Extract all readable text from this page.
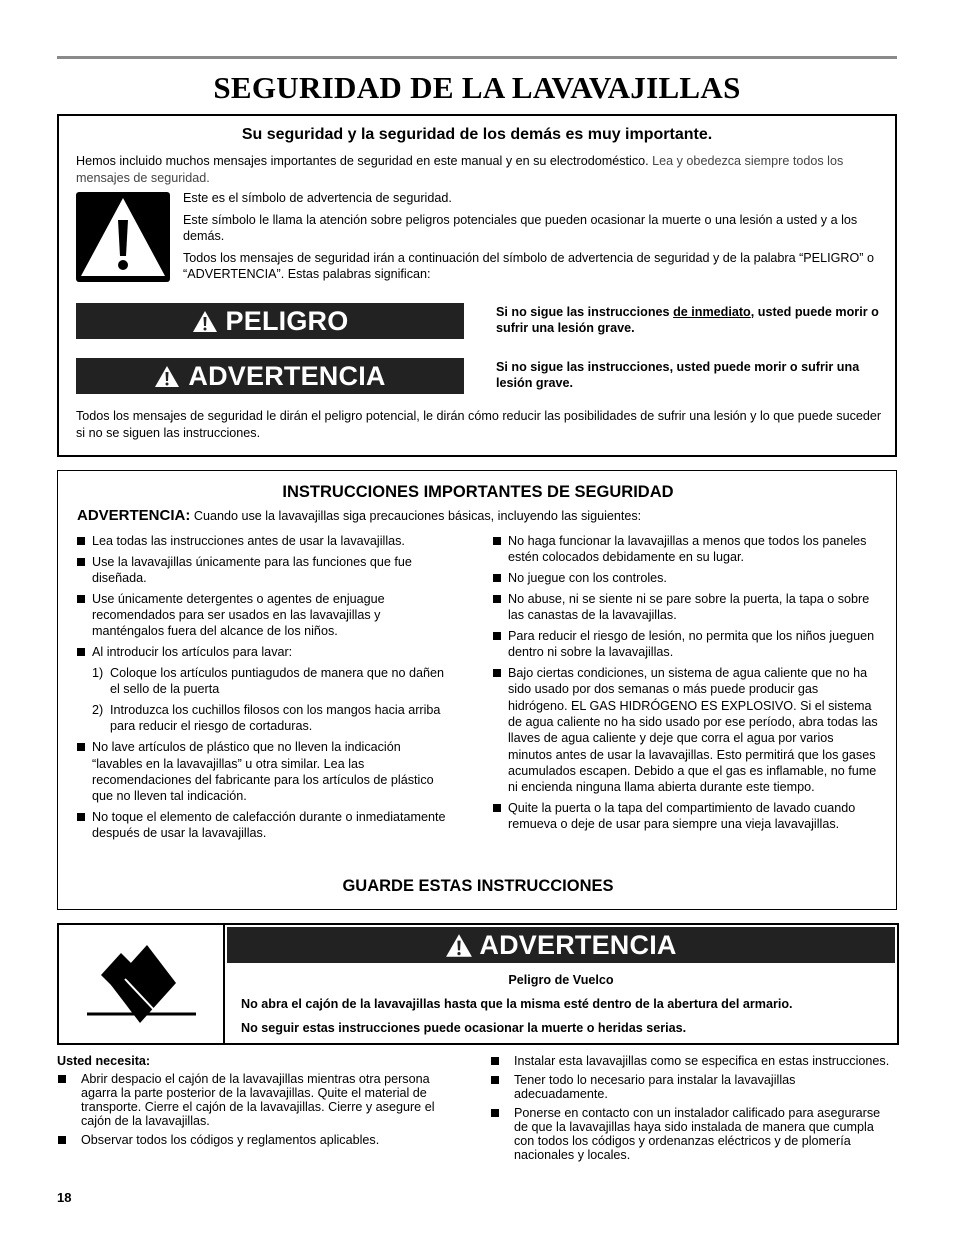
SEGURIDAD DE LA LAVAVAJILLAS
Su seguridad y la seguridad de los demás es muy importante.
Hemos incluido muchos mensajes importantes de seguridad en este manual y en su electrodoméstico. Lea y obedezca siempre todos los mensajes de seguridad.
Este es el símbolo de advertencia de seguridad.
Este símbolo le llama la atención sobre peligros potenciales que pueden ocasionar la muerte o una lesión a usted y a los demás.
Todos los mensajes de seguridad irán a continuación del símbolo de advertencia de seguridad y de la palabra “PELIGRO” o “ADVERTENCIA”. Estas palabras significan:
PELIGRO	Si no sigue las instrucciones de inmediato, usted puede morir o sufrir una lesión grave.
ADVERTENCIA	Si no sigue las instrucciones, usted puede morir o sufrir una lesión grave.
Todos los mensajes de seguridad le dirán el peligro potencial, le dirán cómo reducir las posibilidades de sufrir una lesión y lo que puede suceder si no se siguen las instrucciones.
INSTRUCCIONES IMPORTANTES DE SEGURIDAD
ADVERTENCIA: Cuando use la lavavajillas siga precauciones básicas, incluyendo las siguientes:
Lea todas las instrucciones antes de usar la lavavajillas.
Use la lavavajillas únicamente para las funciones que fue diseñada.
Use únicamente detergentes o agentes de enjuague recomendados para ser usados en las lavavajillas y manténgalos fuera del alcance de los niños.
Al introducir los artículos para lavar:
1) Coloque los artículos puntiagudos de manera que no dañen el sello de la puerta
2) Introduzca los cuchillos filosos con los mangos hacia arriba para reducir el riesgo de cortaduras.
No lave artículos de plástico que no lleven la indicación “lavables en la lavavajillas” u otra similar. Lea las recomendaciones del fabricante para los artículos de plástico que no lleven tal indicación.
No toque el elemento de calefacción durante o inmediatamente después de usar la lavavajillas.
No haga funcionar la lavavajillas a menos que todos los paneles estén colocados debidamente en su lugar.
No juegue con los controles.
No abuse, ni se siente ni se pare sobre la puerta, la tapa o sobre las canastas de la lavavajillas.
Para reducir el riesgo de lesión, no permita que los niños jueguen dentro ni sobre la lavavajillas.
Bajo ciertas condiciones, un sistema de agua caliente que no ha sido usado por dos semanas o más puede producir gas hidrógeno. EL GAS HIDRÓGENO ES EXPLOSIVO. Si el sistema de agua caliente no ha sido usado por ese período, abra todas las llaves de agua caliente y deje que corra el agua por varios minutos antes de usar la lavavajillas. Esto permitirá que los gases acumulados escapen. Debido a que el gas es inflamable, no fume ni encienda ninguna llama abierta durante este tiempo.
Quite la puerta o la tapa del compartimiento de lavado cuando remueva o deje de usar para siempre una vieja lavavajillas.
GUARDE ESTAS INSTRUCCIONES
ADVERTENCIA
Peligro de Vuelco
No abra el cajón de la lavavajillas hasta que la misma esté dentro de la abertura del armario.
No seguir estas instrucciones puede ocasionar la muerte o heridas serias.
Usted necesita:
Abrir despacio el cajón de la lavavajillas mientras otra persona agarra la parte posterior de la lavavajillas. Quite el material de transporte. Cierre el cajón de la lavavajillas. Cierre y asegure el cajón de la lavavajillas.
Observar todos los códigos y reglamentos aplicables.
Instalar esta lavavajillas como se especifica en estas instrucciones.
Tener todo lo necesario para instalar la lavavajillas adecuadamente.
Ponerse en contacto con un instalador calificado para asegurarse de que la lavavajillas haya sido instalada de manera que cumpla con todos los códigos y ordenanzas eléctricos y de plomería nacionales y locales.
18
